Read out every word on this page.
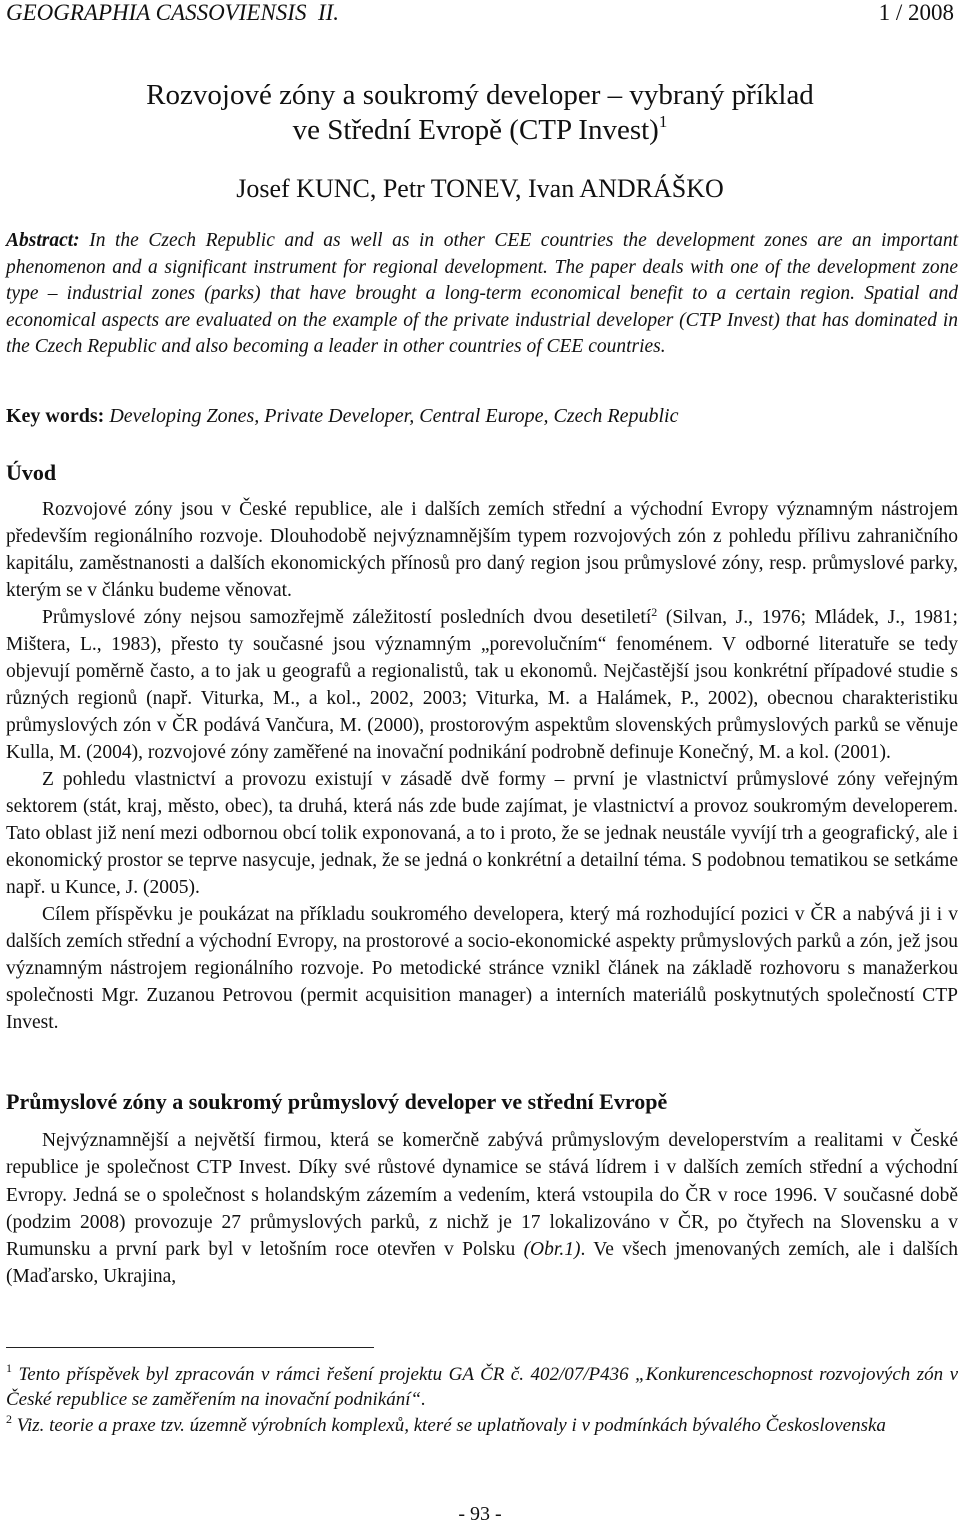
GEOGRAPHIA CASSOVIENSIS  II.	1 / 2008
Rozvojové zóny a soukromý developer – vybraný příklad
ve Střední Evropě (CTP Invest)$^1$
Josef KUNC, Petr TONEV, Ivan ANDRÁŠKO
Abstract: In the Czech Republic and as well as in other CEE countries the development zones are an important phenomenon and a significant instrument for regional development. The paper deals with one of the development zone type – industrial zones (parks) that have brought a long-term economical benefit to a certain region. Spatial and economical aspects are evaluated on the example of the private industrial developer (CTP Invest) that has dominated in the Czech Republic and also becoming a leader in other countries of CEE countries.
Key words: Developing Zones, Private Developer, Central Europe, Czech Republic
Úvod

Rozvojové zóny jsou v České republice, ale i dalších zemích střední a východní Evropy významným nástrojem především regionálního rozvoje. Dlouhodobě nejvýznamnějším typem rozvojových zón z pohledu přílivu zahraničního kapitálu, zaměstnanosti a dalších ekonomických přínosů pro daný region jsou průmyslové zóny, resp. průmyslové parky, kterým se v článku budeme věnovat.

Průmyslové zóny nejsou samozřejmě záležitostí posledních dvou desetiletí$^2$ (Silvan, J., 1976; Mládek, J., 1981; Mištera, L., 1983), přesto ty současné jsou významným „porevolučním“ fenoménem. V odborné literatuře se tedy objevují poměrně často, a to jak u geografů a regionalistů, tak u ekonomů. Nejčastější jsou konkrétní případové studie s různých regionů (např. Viturka, M., a kol., 2002, 2003; Viturka, M. a Halámek, P., 2002), obecnou charakteristiku průmyslových zón v ČR podává Vančura, M. (2000), prostorovým aspektům slovenských průmyslových parků se věnuje Kulla, M. (2004), rozvojové zóny zaměřené na inovační podnikání podrobně definuje Konečný, M. a kol. (2001).

Z pohledu vlastnictví a provozu existují v zásadě dvě formy – první je vlastnictví průmyslové zóny veřejným sektorem (stát, kraj, město, obec), ta druhá, která nás zde bude zajímat, je vlastnictví a provoz soukromým developerem. Tato oblast již není mezi odbornou obcí tolik exponovaná, a to i proto, že se jednak neustále vyvíjí trh a geografický, ale i ekonomický prostor se teprve nasycuje, jednak, že se jedná o konkrétní a detailní téma. S podobnou tematikou se setkáme např. u Kunce, J. (2005).

Cílem příspěvku je poukázat na příkladu soukromého developera, který má rozhodující pozici v ČR a nabývá ji i v dalších zemích střední a východní Evropy, na prostorové a socio-ekonomické aspekty průmyslových parků a zón, jež jsou významným nástrojem regionálního rozvoje. Po metodické stránce vznikl článek na základě rozhovoru s manažerkou společnosti Mgr. Zuzanou Petrovou (permit acquisition manager) a interních materiálů poskytnutých společností CTP Invest.

Průmyslové zóny a soukromý průmyslový developer ve střední Evropě

Nejvýznamnější a největší firmou, která se komerčně zabývá průmyslovým developerstvím a realitami v České republice je společnost CTP Invest. Díky své růstové dynamice se stává lídrem i v dalších zemích střední a východní Evropy. Jedná se o společnost s holandským zázemím a vedením, která vstoupila do ČR v roce 1996. V současné době (podzim 2008) provozuje 27 průmyslových parků, z nichž je 17 lokalizováno v ČR, po čtyřech na Slovensku a v Rumunsku a první park byl v letošním roce otevřen v Polsku (Obr.1). Ve všech jmenovaných zemích, ale i dalších (Maďarsko, Ukrajina,

$^1$ Tento příspěvek byl zpracován v rámci řešení projektu GA ČR č. 402/07/P436 „Konkurenceschopnost rozvojových zón v České republice se zaměřením na inovační podnikání“.

$^2$ Viz. teorie a praxe tzv. územně výrobních komplexů, které se uplatňovaly i v podmínkách bývalého Československa

- 93 -
